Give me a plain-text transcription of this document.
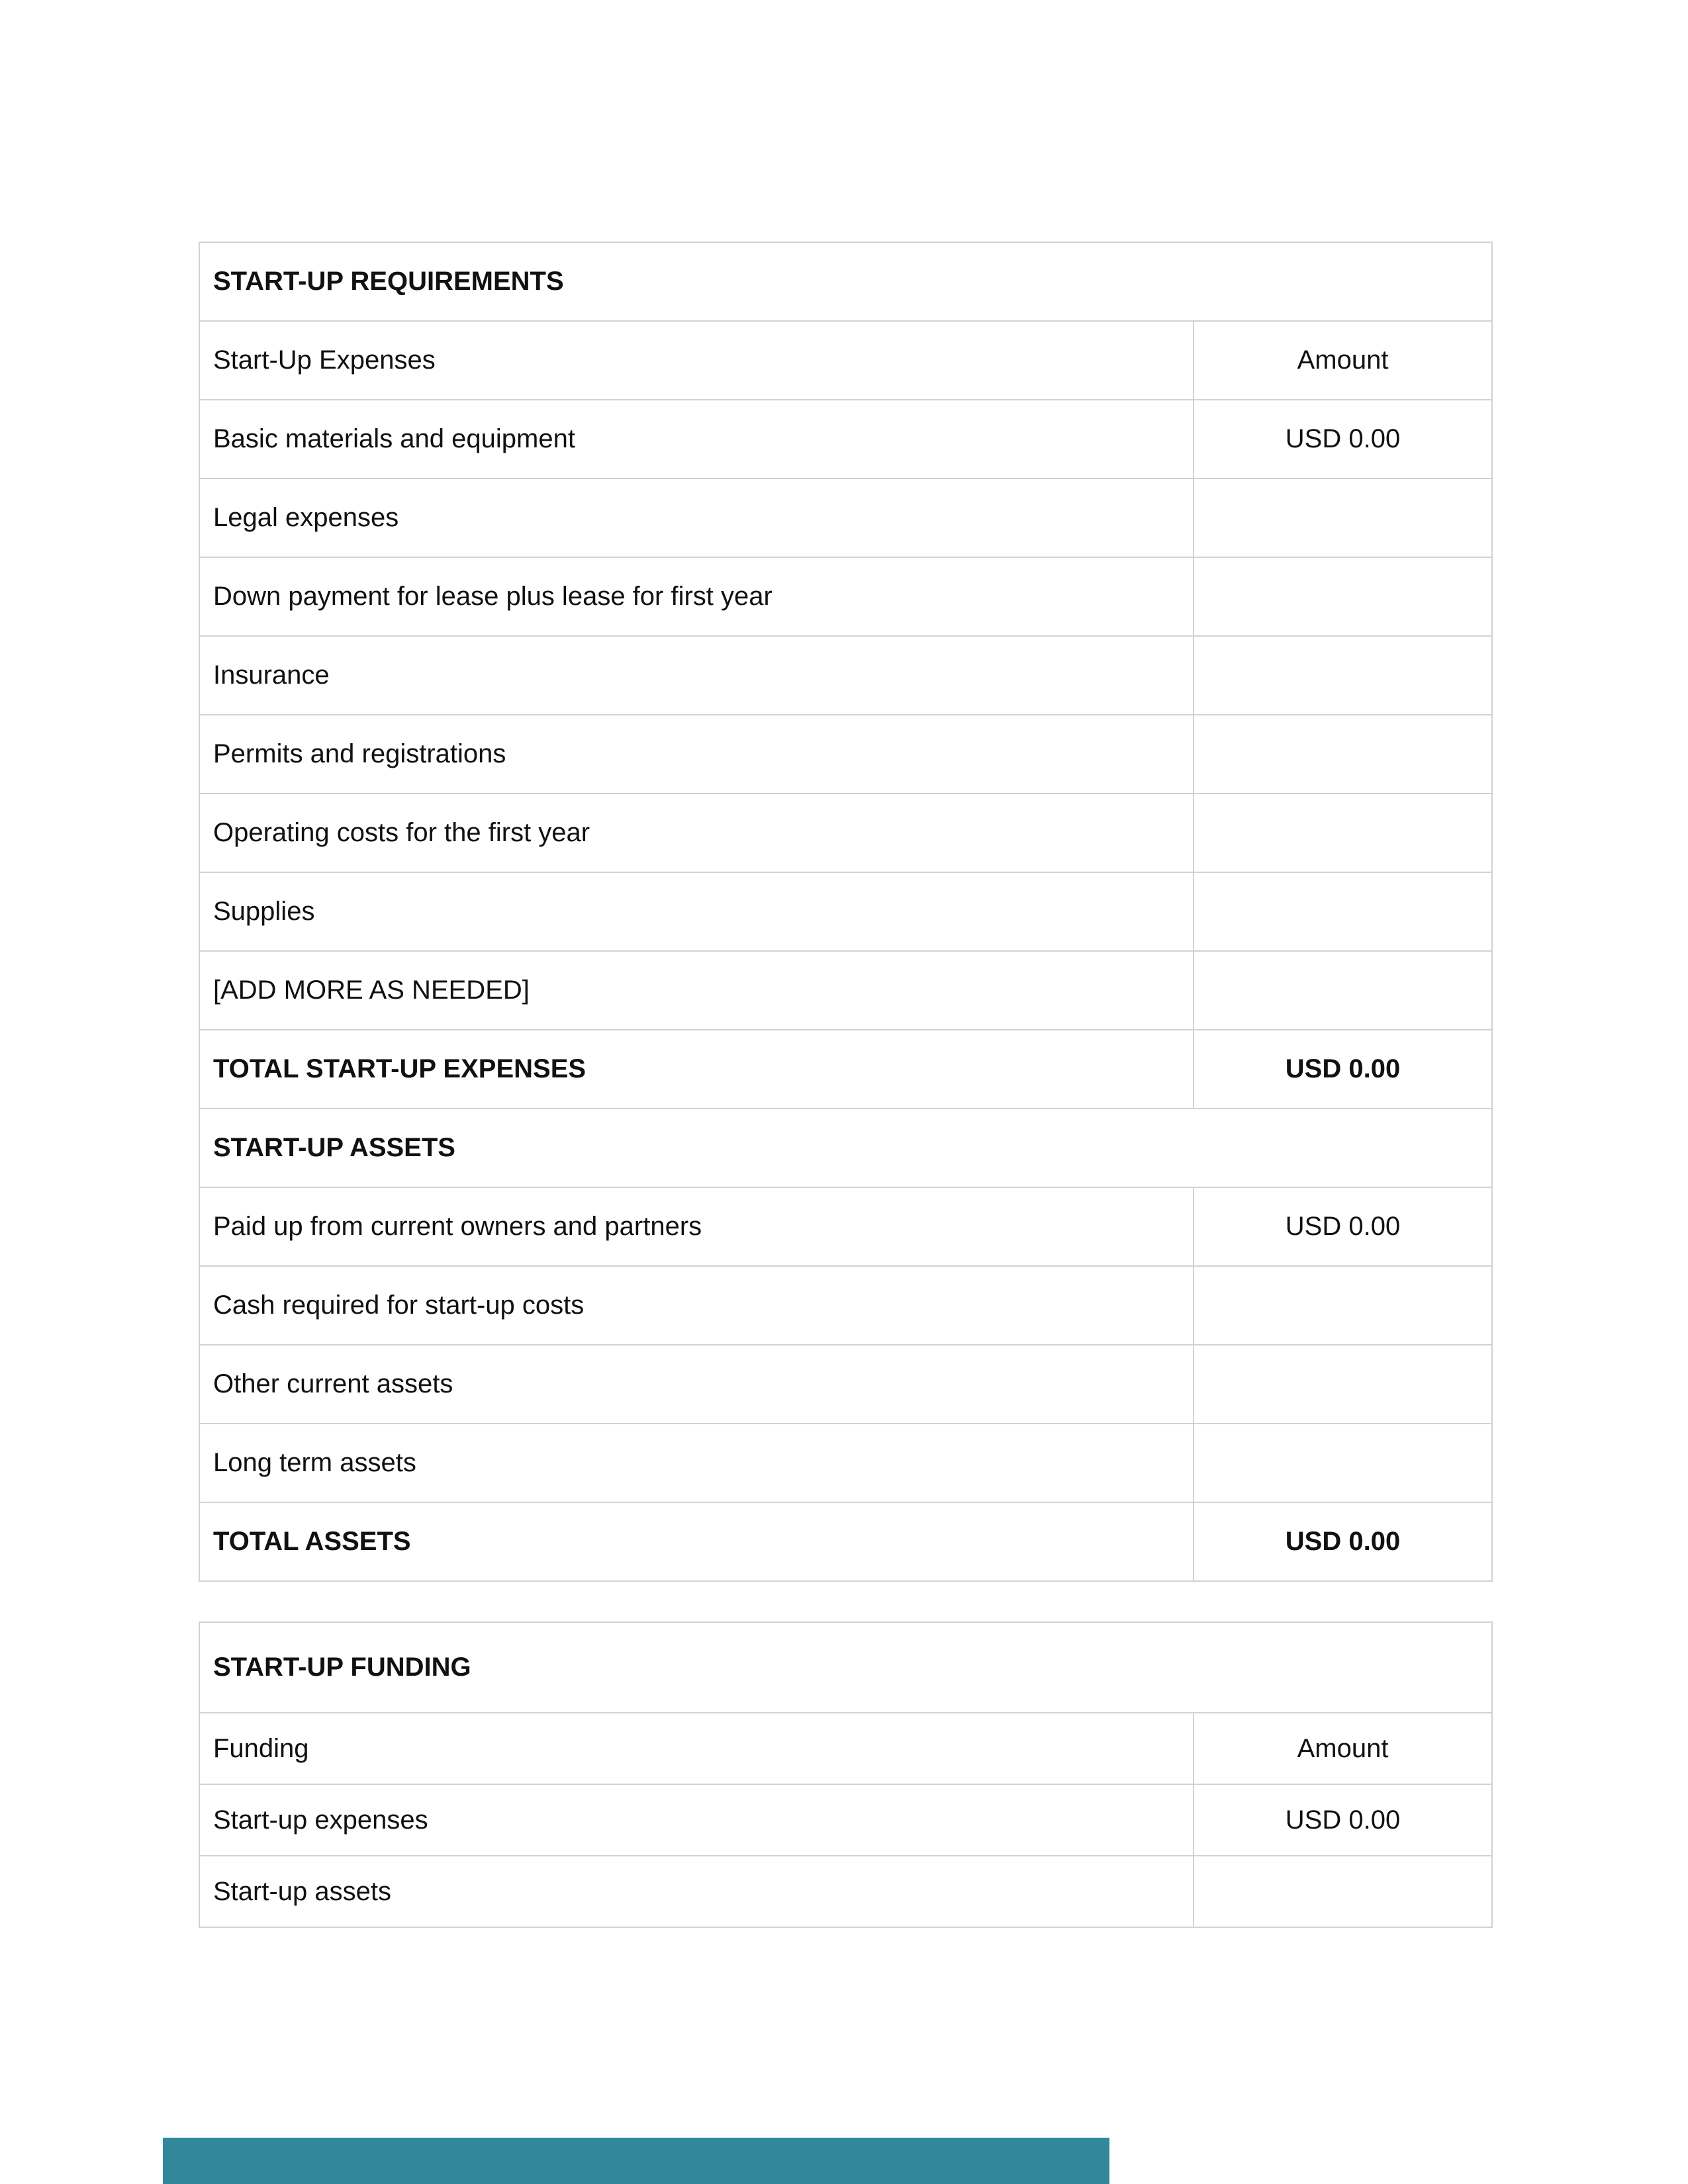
START-UP REQUIREMENTS	
Start-Up Expenses	Amount
Basic materials and equipment	USD 0.00
Legal expenses	
Down payment for lease plus lease for first year	
Insurance	
Permits and registrations	
Operating costs for the first year	
Supplies	
[ADD MORE AS NEEDED]	
TOTAL START-UP EXPENSES	USD 0.00
START-UP ASSETS	
Paid up from current owners and partners	USD 0.00
Cash required for start-up costs	
Other current assets	
Long term assets	
TOTAL ASSETS	USD 0.00
START-UP FUNDING	
Funding	Amount
Start-up expenses	USD 0.00
Start-up assets	
